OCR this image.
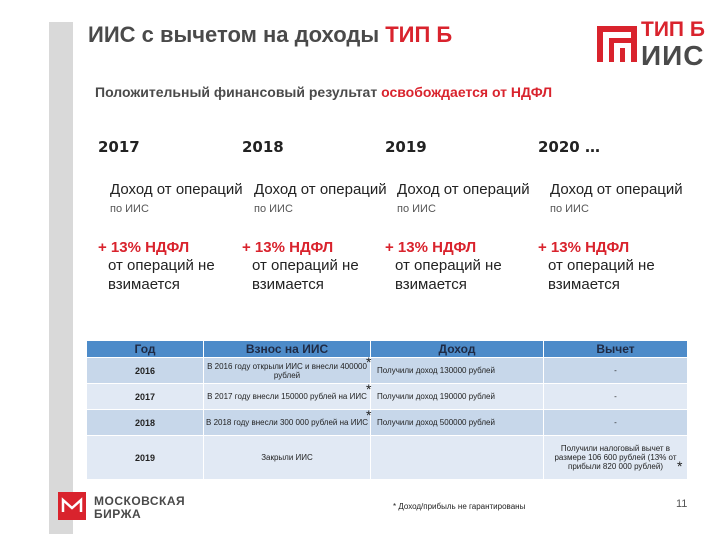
ИИС с вычетом на доходы ТИП Б	ТИП Б
ИИС
Положительный финансовый результат освобождается от НДФЛ
2017
Доход от операций
по ИИС
+ 13% НДФЛ
от операций не взимается
2018
Доход от операций
по ИИС
+ 13% НДФЛ
от операций не взимается
2019
Доход от операций
по ИИС
+ 13% НДФЛ
от операций не взимается
2020 …
Доход от операций
по ИИС
+ 13% НДФЛ
от операций не взимается
Год	Взнос на ИИС	Доход	Вычет
2016	В 2016 году открыли ИИС и внесли 400000 рублей	Получили доход 130000 рублей	-
2017	В 2017 году внесли 150000 рублей на ИИС	Получили доход 190000 рублей	-
2018	В 2018 году внесли 300 000 рублей на ИИС	Получили доход 500000 рублей	-
2019	Закрыли ИИС		Получили налоговый вычет в размере 106 600 рублей (13% от прибыли 820 000 рублей)
*
*
*
*
МОСКОВСКАЯ
БИРЖА
* Доход/прибыль не гарантированы	11
